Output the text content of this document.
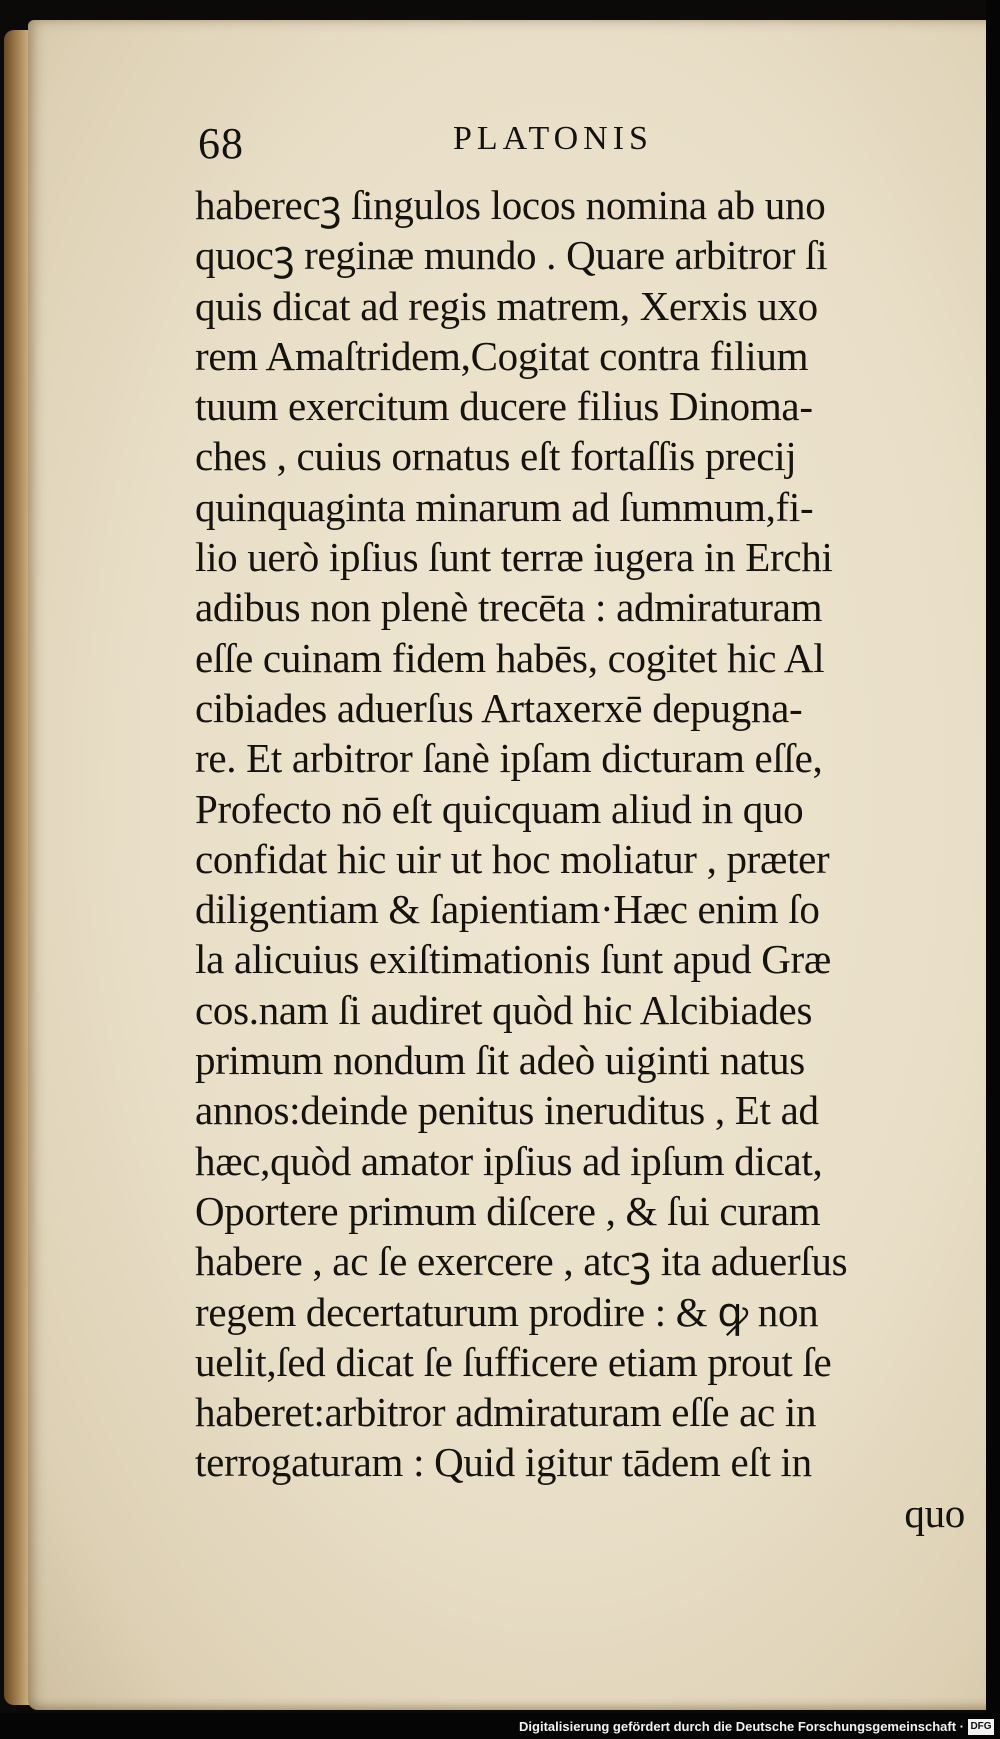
68	PLATONIS
haberecꝫ ſingulos locos nomina ab uno
quocꝫ reginæ mundo . Quare arbitror ſi
quis dicat ad regis matrem, Xerxis uxo
rem Amaſtridem,Cogitat contra filium
tuum exercitum ducere filius Dinoma-
ches , cuius ornatus eſt fortaſſis precij
quinquaginta minarum ad ſummum,fi-
lio uerò ipſius ſunt terræ iugera in Erchi
adibus non plenè trecēta : admiraturam
eſſe cuinam fidem habēs, cogitet hic Al
cibiades aduerſus Artaxerxē depugna-
re. Et arbitror ſanè ipſam dicturam eſſe,
Profecto nō eſt quicquam aliud in quo
confidat hic uir ut hoc moliatur , præter
diligentiam & ſapientiam·Hæc enim ſo
la alicuius exiſtimationis ſunt apud Græ
cos.nam ſi audiret quòd hic Alcibiades
primum nondum ſit adeò uiginti natus
annos:deinde penitus ineruditus , Et ad
hæc,quòd amator ipſius ad ipſum dicat,
Oportere primum diſcere , & ſui curam
habere , ac ſe exercere , atcꝫ ita aduerſus
regem decertaturum prodire : & ꝙ non
uelit,ſed dicat ſe ſufficere etiam prout ſe
haberet:arbitror admiraturam eſſe ac in
terrogaturam : Quid igitur tādem eſt in
quo
Digitalisierung gefördert durch die Deutsche Forschungsgemeinschaft · DFG
